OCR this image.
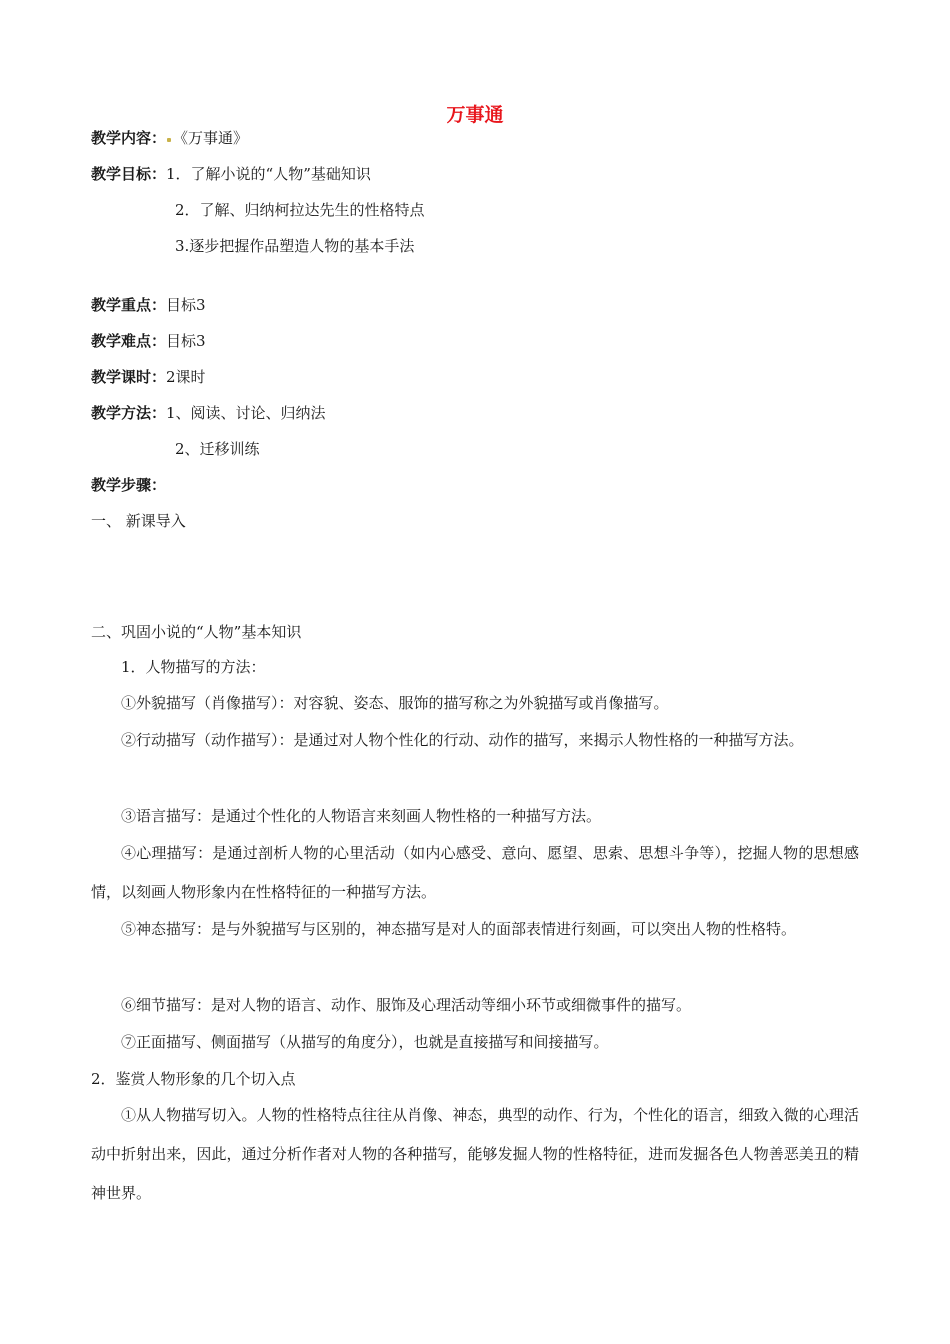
万事通
教学内容： 《万事通》
教学目标：1．了解小说的“人物”基础知识
2．了解、归纳柯拉达先生的性格特点
3.逐步把握作品塑造人物的基本手法
教学重点：目标3
教学难点：目标3
教学课时：2课时
教学方法：1、阅读、讨论、归纳法
2、迁移训练
教学步骤：
一、 新课导入
二、巩固小说的“人物”基本知识
1．人物描写的方法：
①外貌描写（肖像描写）：对容貌、姿态、服饰的描写称之为外貌描写或肖像描写。
②行动描写（动作描写）：是通过对人物个性化的行动、动作的描写，来揭示人物性格的一种描写方法。
③语言描写：是通过个性化的人物语言来刻画人物性格的一种描写方法。
④心理描写：是通过剖析人物的心里活动（如内心感受、意向、愿望、思索、思想斗争等），挖掘人物的思想感情，以刻画人物形象内在性格特征的一种描写方法。
⑤神态描写：是与外貌描写与区别的，神态描写是对人的面部表情进行刻画，可以突出人物的性格特。
⑥细节描写：是对人物的语言、动作、服饰及心理活动等细小环节或细微事件的描写。
⑦正面描写、侧面描写（从描写的角度分），也就是直接描写和间接描写。
2．鉴赏人物形象的几个切入点
①从人物描写切入。人物的性格特点往往从肖像、神态，典型的动作、行为，个性化的语言，细致入微的心理活动中折射出来，因此，通过分析作者对人物的各种描写，能够发掘人物的性格特征，进而发掘各色人物善恶美丑的精神世界。
